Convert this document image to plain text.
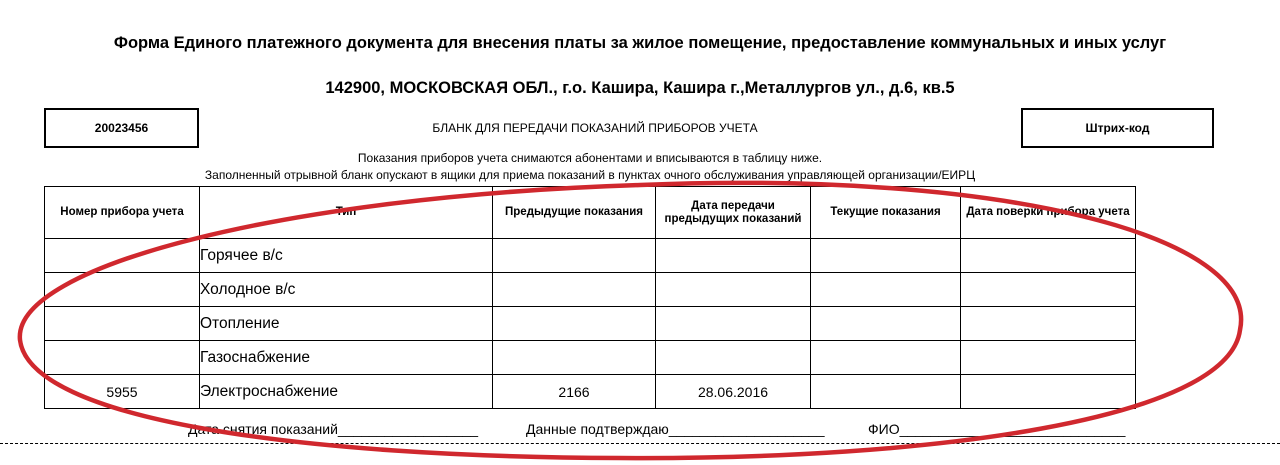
Форма Единого платежного документа для внесения платы за жилое помещение, предоставление коммунальных и иных услуг
142900, МОСКОВСКАЯ ОБЛ., г.о. Кашира, Кашира г.,Металлургов ул., д.6, кв.5
20023456	БЛАНК ДЛЯ ПЕРЕДАЧИ ПОКАЗАНИЙ ПРИБОРОВ УЧЕТА	Штрих-код
Показания приборов учета снимаются абонентами и вписываются в таблицу ниже.
Заполненный отрывной бланк опускают в ящики для приема показаний в пунктах очного обслуживания управляющей организации/ЕИРЦ
Номер прибора учета	Тип	Предыдущие показания	Дата передачи предыдущих показаний	Текущие показания	Дата поверки прибора учета
	Горячее в/с				
	Холодное в/с				
	Отопление				
	Газоснабжение				
5955	Электроснабжение	2166	28.06.2016		
Дата снятия показаний__________________	Данные подтверждаю____________________	ФИО_____________________________
